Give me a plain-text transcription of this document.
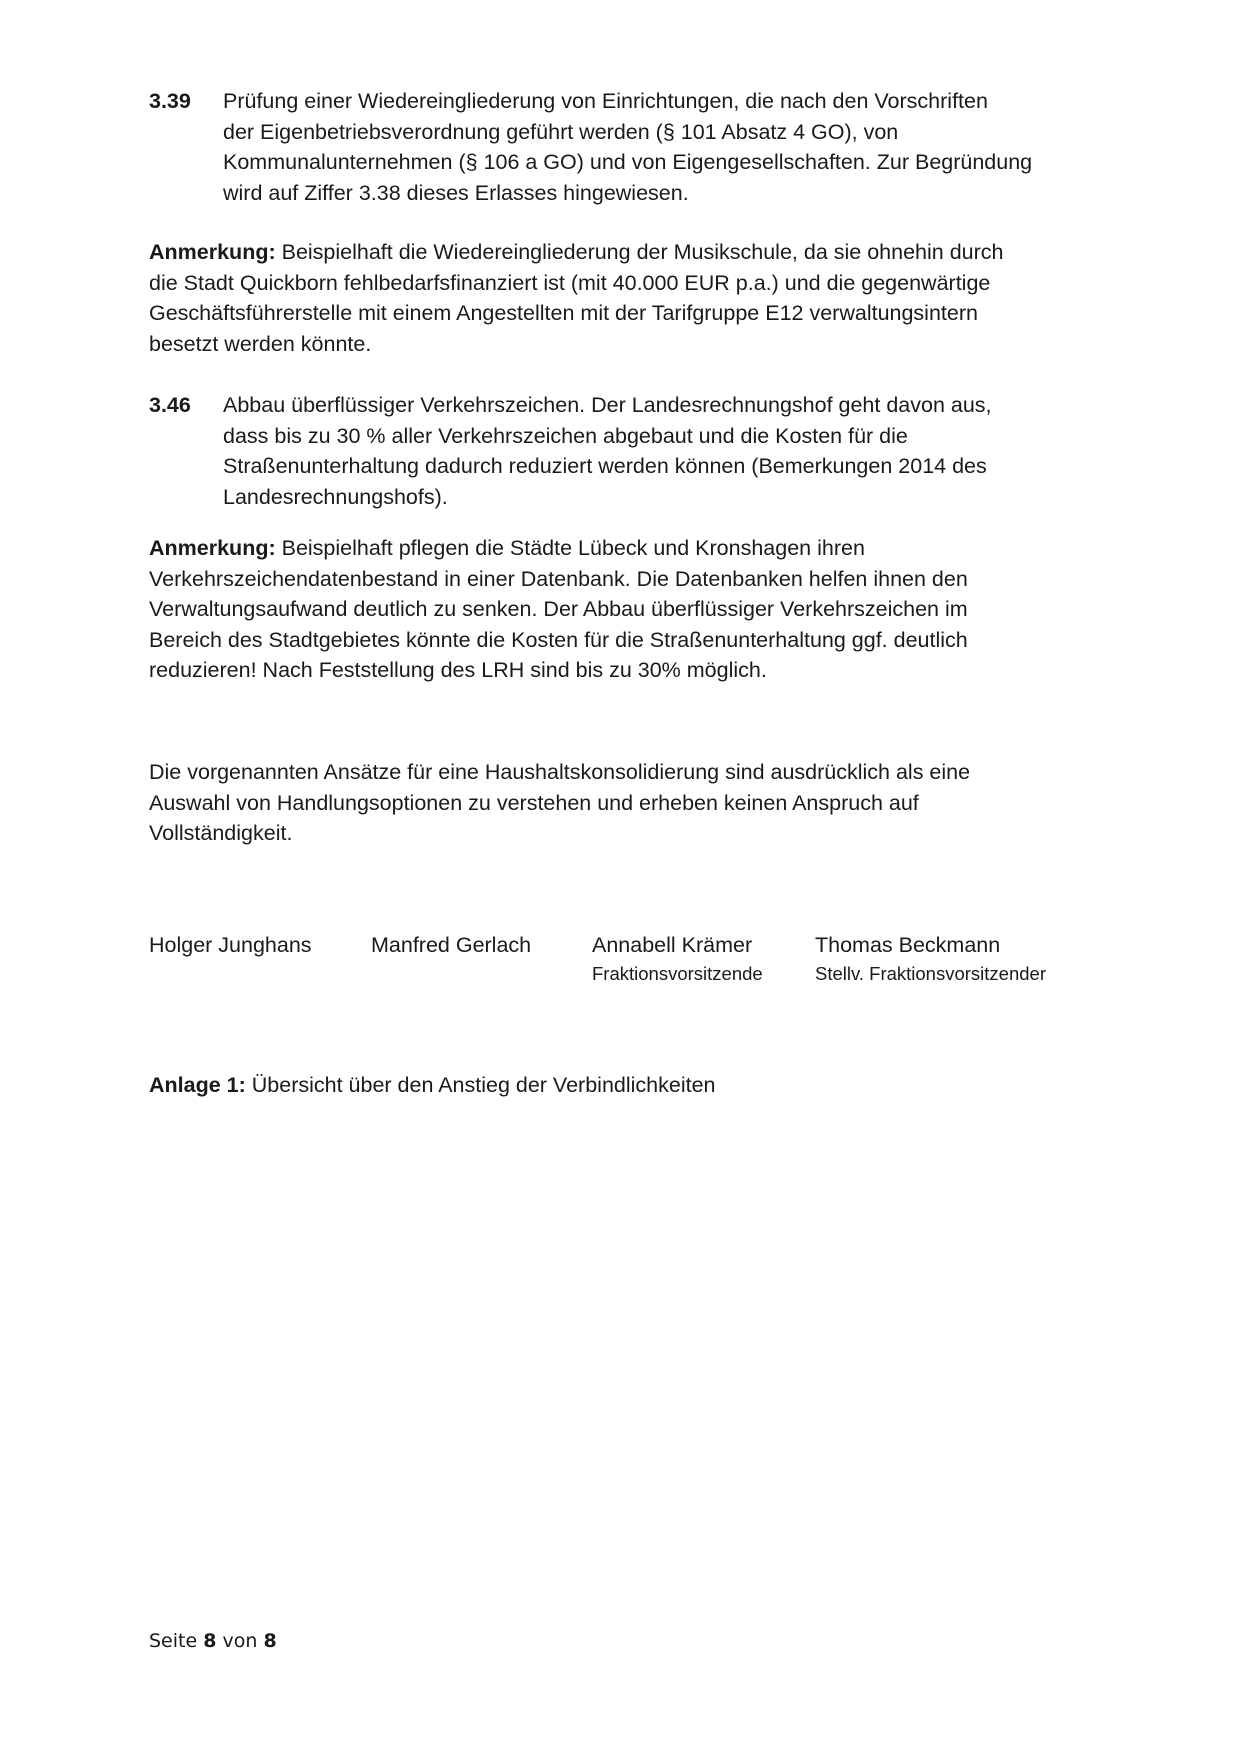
3.39	Prüfung einer Wiedereingliederung von Einrichtungen, die nach den Vorschriften
der Eigenbetriebsverordnung geführt werden (§ 101 Absatz 4 GO), von
Kommunalunternehmen (§ 106 a GO) und von Eigengesellschaften. Zur Begründung
wird auf Ziffer 3.38 dieses Erlasses hingewiesen.
Anmerkung: Beispielhaft die Wiedereingliederung der Musikschule, da sie ohnehin durch
die Stadt Quickborn fehlbedarfsfinanziert ist (mit 40.000 EUR p.a.) und die gegenwärtige
Geschäftsführerstelle mit einem Angestellten mit der Tarifgruppe E12 verwaltungsintern
besetzt werden könnte.
3.46	Abbau überflüssiger Verkehrszeichen. Der Landesrechnungshof geht davon aus,
dass bis zu 30 % aller Verkehrszeichen abgebaut und die Kosten für die
Straßenunterhaltung dadurch reduziert werden können (Bemerkungen 2014 des
Landesrechnungshofs).
Anmerkung: Beispielhaft pflegen die Städte Lübeck und Kronshagen ihren
Verkehrszeichendatenbestand in einer Datenbank. Die Datenbanken helfen ihnen den
Verwaltungsaufwand deutlich zu senken. Der Abbau überflüssiger Verkehrszeichen im
Bereich des Stadtgebietes könnte die Kosten für die Straßenunterhaltung ggf. deutlich
reduzieren! Nach Feststellung des LRH sind bis zu 30% möglich.
Die vorgenannten Ansätze für eine Haushaltskonsolidierung sind ausdrücklich als eine
Auswahl von Handlungsoptionen zu verstehen und erheben keinen Anspruch auf
Vollständigkeit.
Holger Junghans	Manfred Gerlach	Annabell Krämer
Fraktionsvorsitzende
Thomas Beckmann
Stellv. Fraktionsvorsitzender
Anlage 1: Übersicht über den Anstieg der Verbindlichkeiten
Seite 8 von 8
